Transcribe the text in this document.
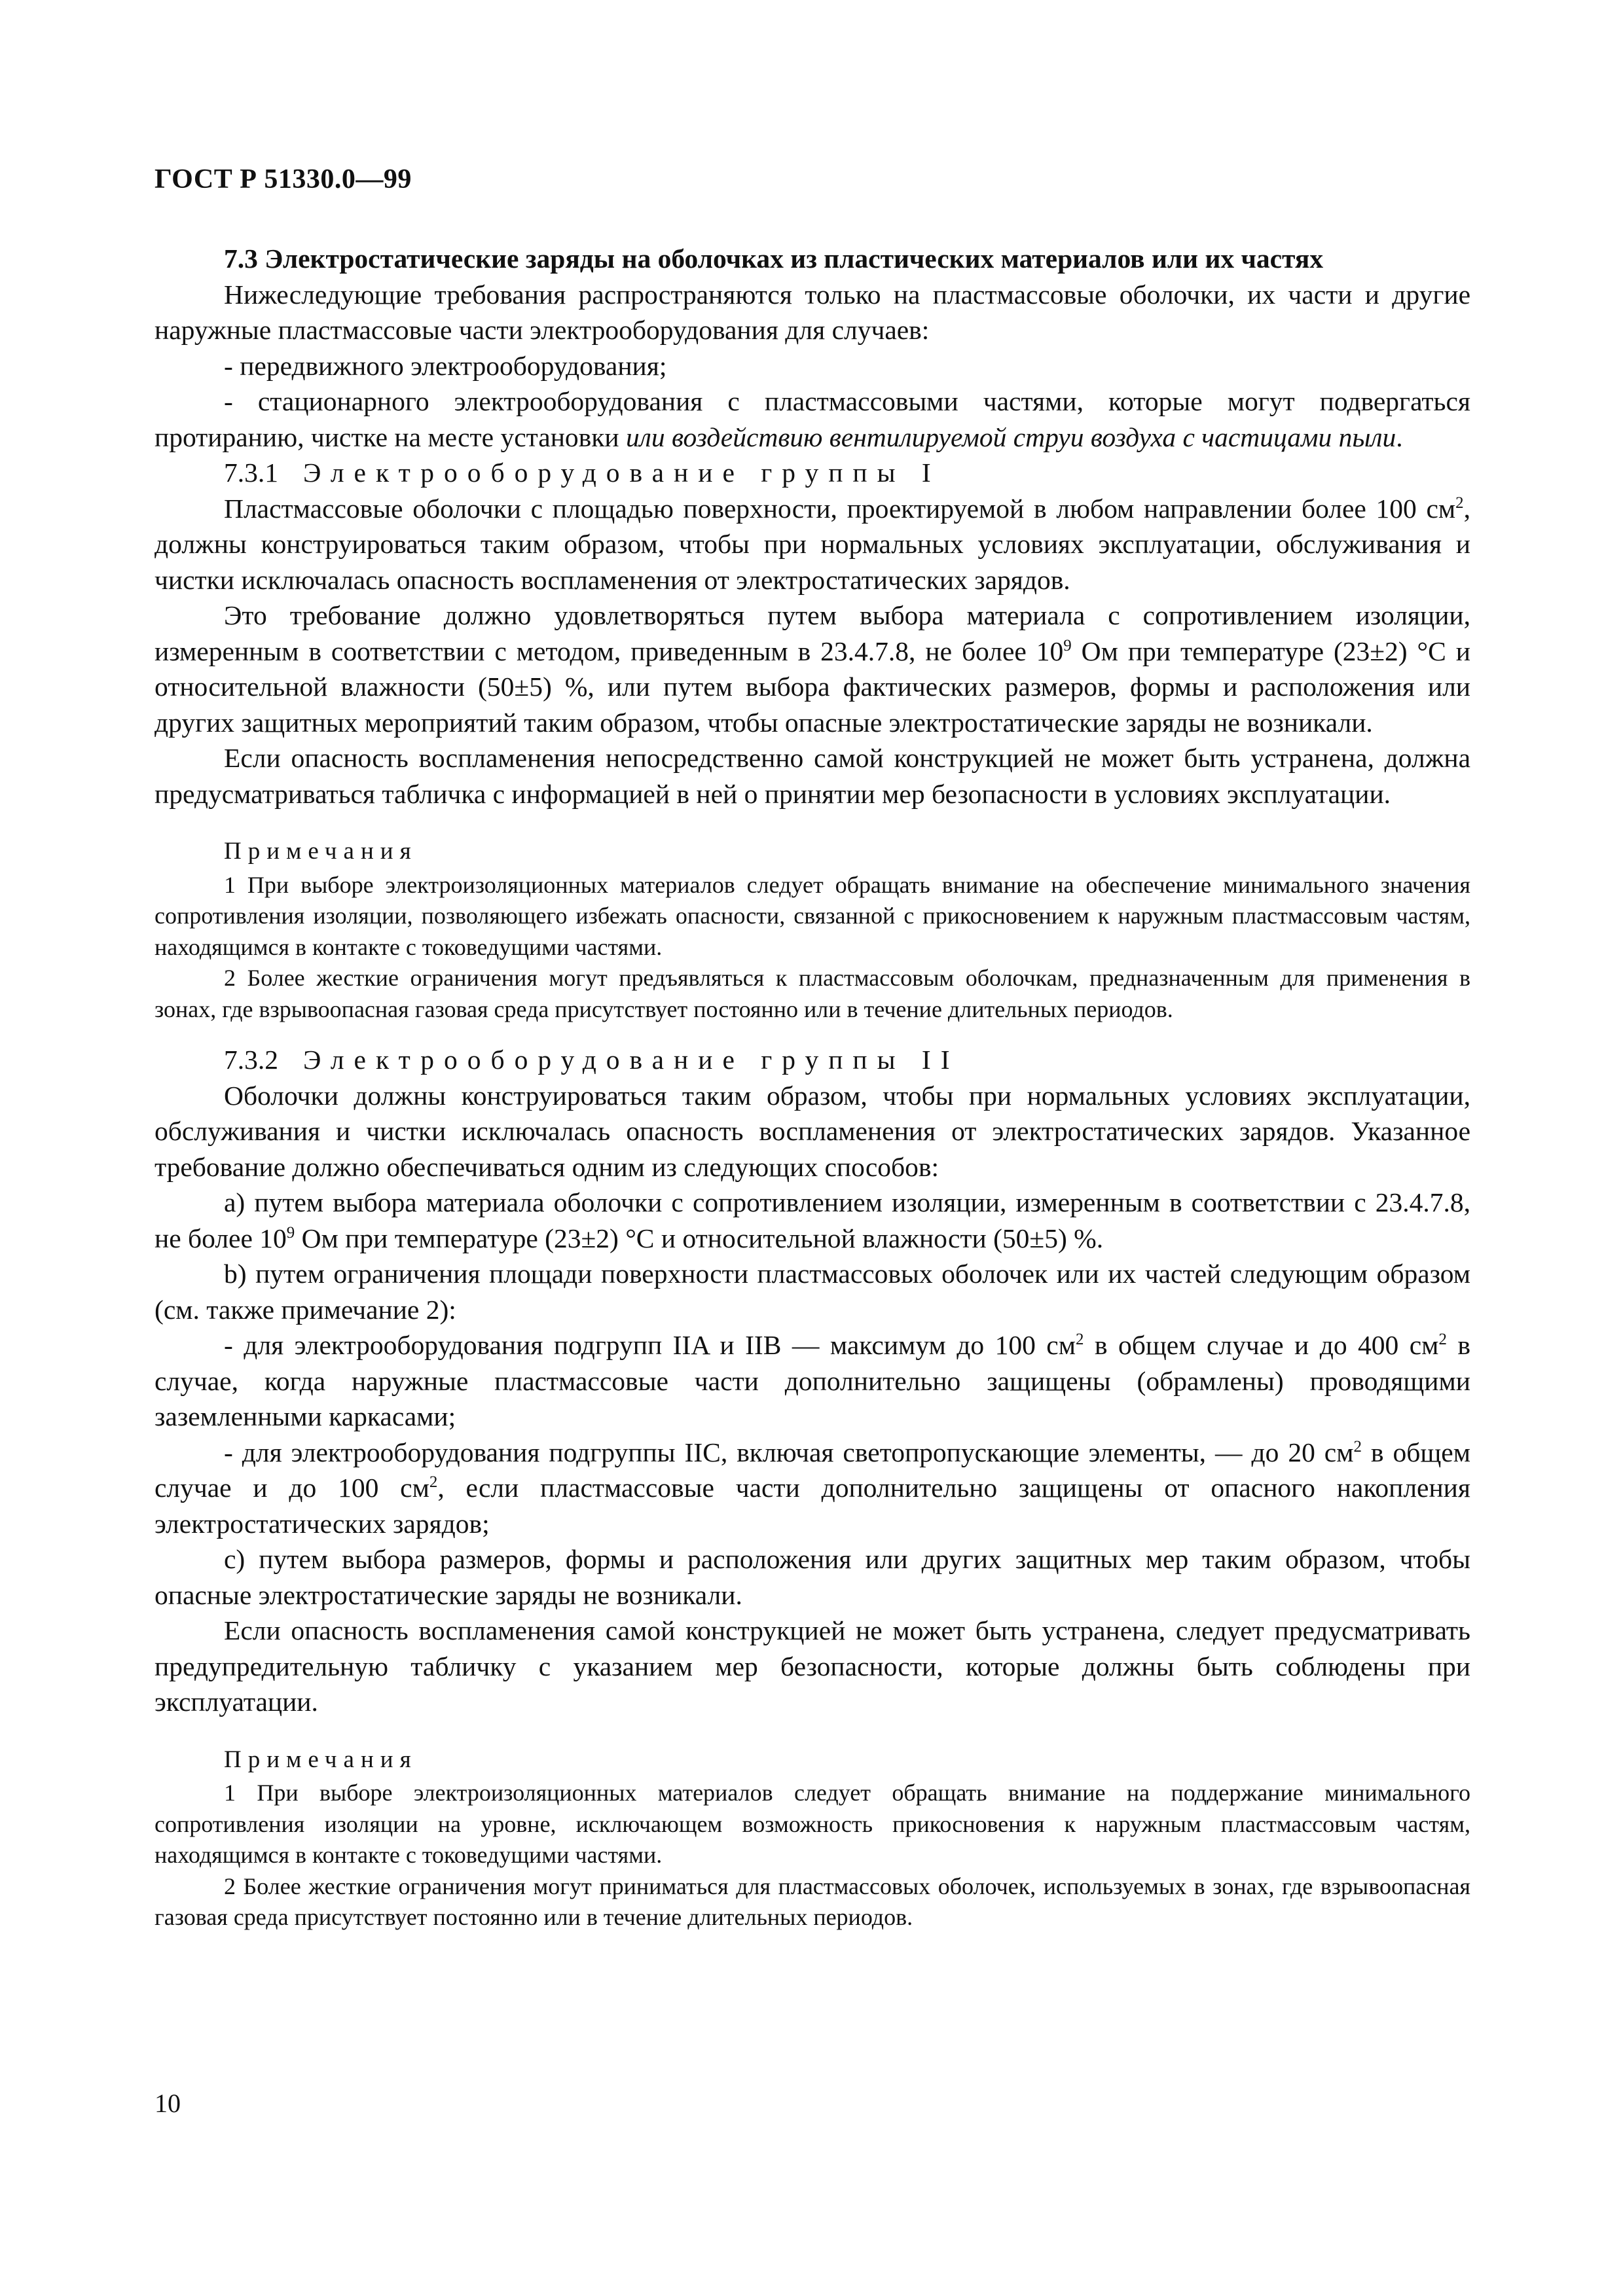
ГОСТ Р 51330.0—99

7.3 Электростатические заряды на оболочках из пластических материалов или их частях

Нижеследующие требования распространяются только на пластмассовые оболочки, их части и другие наружные пластмассовые части электрооборудования для случаев:

- передвижного электрооборудования;

- стационарного электрооборудования с пластмассовыми частями, которые могут подвергаться протиранию, чистке на месте установки или воздействию вентилируемой струи воздуха с частицами пыли.

7.3.1 Электрооборудование группы I

Пластмассовые оболочки с площадью поверхности, проектируемой в любом направлении более 100 $см^2$, должны конструироваться таким образом, чтобы при нормальных условиях эксплуатации, обслуживания и чистки исключалась опасность воспламенения от электростатических зарядов.

Это требование должно удовлетворяться путем выбора материала с сопротивлением изоляции, измеренным в соответствии с методом, приведенным в 23.4.7.8, не более $10^9$ Ом при температуре (23±2) °С и относительной влажности (50±5) %, или путем выбора фактических размеров, формы и расположения или других защитных мероприятий таким образом, чтобы опасные электростатические заряды не возникали.

Если опасность воспламенения непосредственно самой конструкцией не может быть устранена, должна предусматриваться табличка с информацией в ней о принятии мер безопасности в условиях эксплуатации.

Примечания

1 При выборе электроизоляционных материалов следует обращать внимание на обеспечение минимального значения сопротивления изоляции, позволяющего избежать опасности, связанной с прикосновением к наружным пластмассовым частям, находящимся в контакте с токоведущими частями.

2 Более жесткие ограничения могут предъявляться к пластмассовым оболочкам, предназначенным для применения в зонах, где взрывоопасная газовая среда присутствует постоянно или в течение длительных периодов.

7.3.2 Электрооборудование группы II

Оболочки должны конструироваться таким образом, чтобы при нормальных условиях эксплуатации, обслуживания и чистки исключалась опасность воспламенения от электростатических зарядов. Указанное требование должно обеспечиваться одним из следующих способов:

а) путем выбора материала оболочки с сопротивлением изоляции, измеренным в соответствии с 23.4.7.8, не более $10^9$ Ом при температуре (23±2) °С и относительной влажности (50±5) %.

b) путем ограничения площади поверхности пластмассовых оболочек или их частей следующим образом (см. также примечание 2):

- для электрооборудования подгрупп IIA и IIB — максимум до 100 $см^2$ в общем случае и до 400 $см^2$ в случае, когда наружные пластмассовые части дополнительно защищены (обрамлены) проводящими заземленными каркасами;

- для электрооборудования подгруппы IIC, включая светопропускающие элементы, — до 20 $см^2$ в общем случае и до 100 $см^2$, если пластмассовые части дополнительно защищены от опасного накопления электростатических зарядов;

с) путем выбора размеров, формы и расположения или других защитных мер таким образом, чтобы опасные электростатические заряды не возникали.

Если опасность воспламенения самой конструкцией не может быть устранена, следует предусматривать предупредительную табличку с указанием мер безопасности, которые должны быть соблюдены при эксплуатации.

Примечания

1 При выборе электроизоляционных материалов следует обращать внимание на поддержание минимального сопротивления изоляции на уровне, исключающем возможность прикосновения к наружным пластмассовым частям, находящимся в контакте с токоведущими частями.

2 Более жесткие ограничения могут приниматься для пластмассовых оболочек, используемых в зонах, где взрывоопасная газовая среда присутствует постоянно или в течение длительных периодов.

10
